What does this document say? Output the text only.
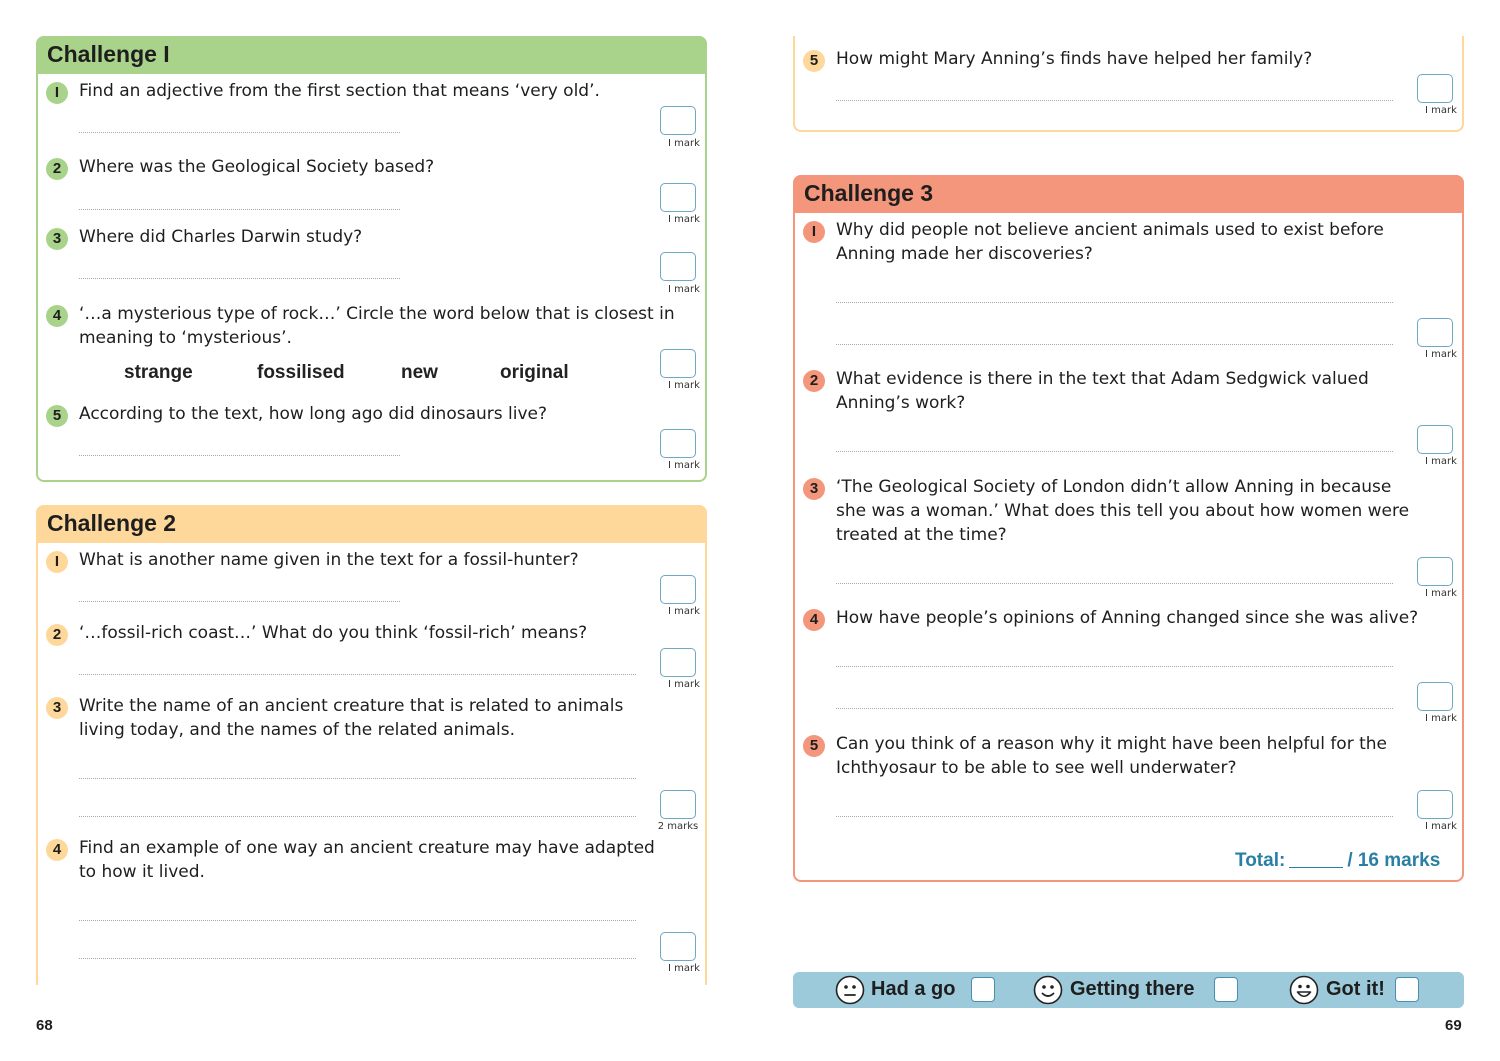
Challenge I
I	Find an adjective from the first section that means ‘very old’.
I mark
2	Where was the Geological Society based?
I mark
3	Where did Charles Darwin study?
I mark
4	‘…a mysterious type of rock…’ Circle the word below that is closest in
meaning to ‘mysterious’.
strange	fossilised	new	original
I mark
5	According to the text, how long ago did dinosaurs live?
I mark
Challenge 2
I	What is another name given in the text for a fossil-hunter?
I mark
2	‘…fossil-rich coast…’ What do you think ‘fossil-rich’ means?
I mark
3	Write the name of an ancient creature that is related to animals
living today, and the names of the related animals.
2 marks
4	Find an example of one way an ancient creature may have adapted
to how it lived.
I mark
68
5	How might Mary Anning’s finds have helped her family?
I mark
Challenge 3
I	Why did people not believe ancient animals used to exist before
Anning made her discoveries?
I mark
2	What evidence is there in the text that Adam Sedgwick valued
Anning’s work?
I mark
3	‘The Geological Society of London didn’t allow Anning in because
she was a woman.’ What does this tell you about how women were
treated at the time?
I mark
4	How have people’s opinions of Anning changed since she was alive?
I mark
5	Can you think of a reason why it might have been helpful for the
Ichthyosaur to be able to see well underwater?
I mark
Total:	/ 16 marks
Had a go	Getting there	Got it!
69
